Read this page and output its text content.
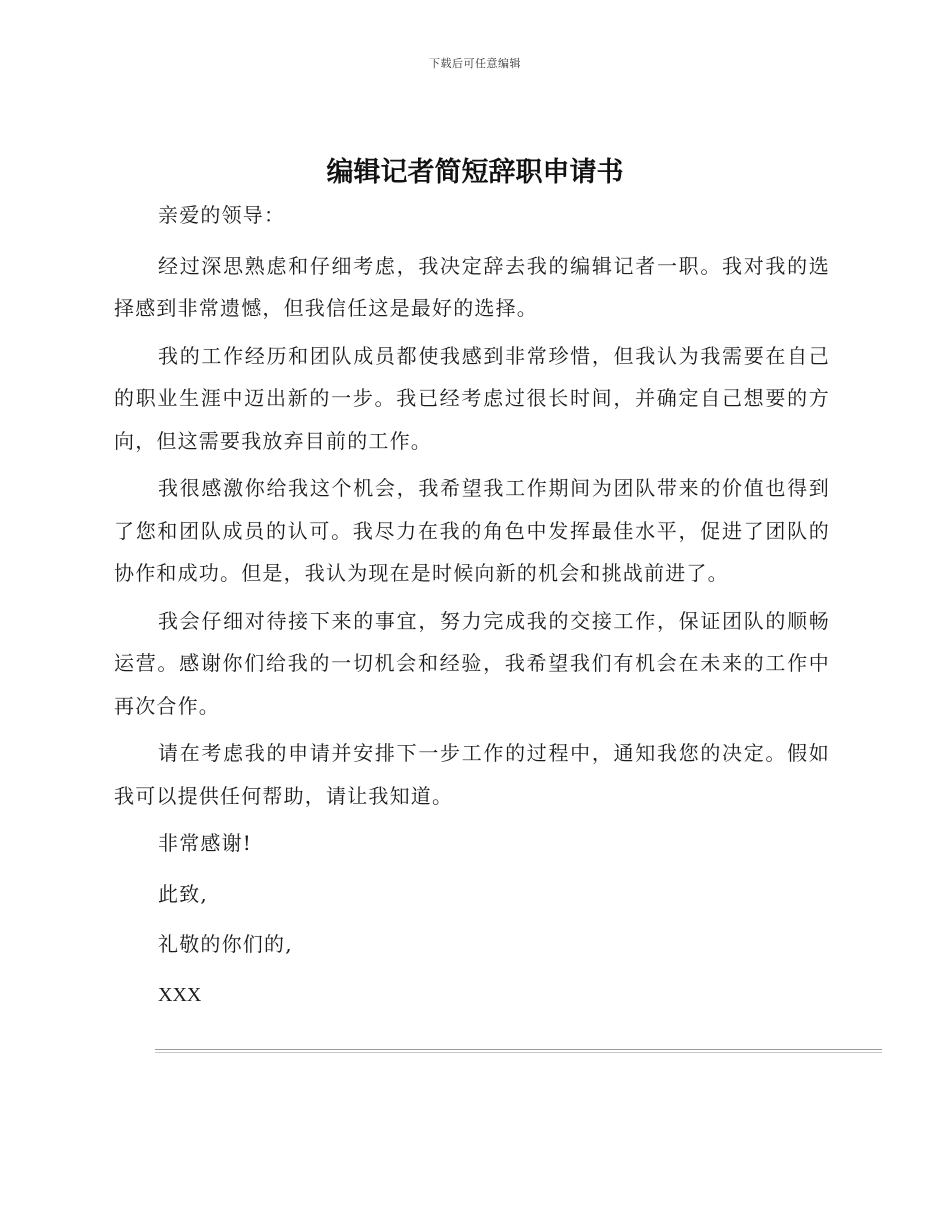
下载后可任意编辑
编辑记者简短辞职申请书

亲爱的领导：

经过深思熟虑和仔细考虑，我决定辞去我的编辑记者一职。我对我的选择感到非常遗憾，但我信任这是最好的选择。

我的工作经历和团队成员都使我感到非常珍惜，但我认为我需要在自己的职业生涯中迈出新的一步。我已经考虑过很长时间，并确定自己想要的方向，但这需要我放弃目前的工作。

我很感激你给我这个机会，我希望我工作期间为团队带来的价值也得到了您和团队成员的认可。我尽力在我的角色中发挥最佳水平，促进了团队的协作和成功。但是，我认为现在是时候向新的机会和挑战前进了。

我会仔细对待接下来的事宜，努力完成我的交接工作，保证团队的顺畅运营。感谢你们给我的一切机会和经验，我希望我们有机会在未来的工作中再次合作。

请在考虑我的申请并安排下一步工作的过程中，通知我您的决定。假如我可以提供任何帮助，请让我知道。

非常感谢!

此致,

礼敬的你们的,

XXX
